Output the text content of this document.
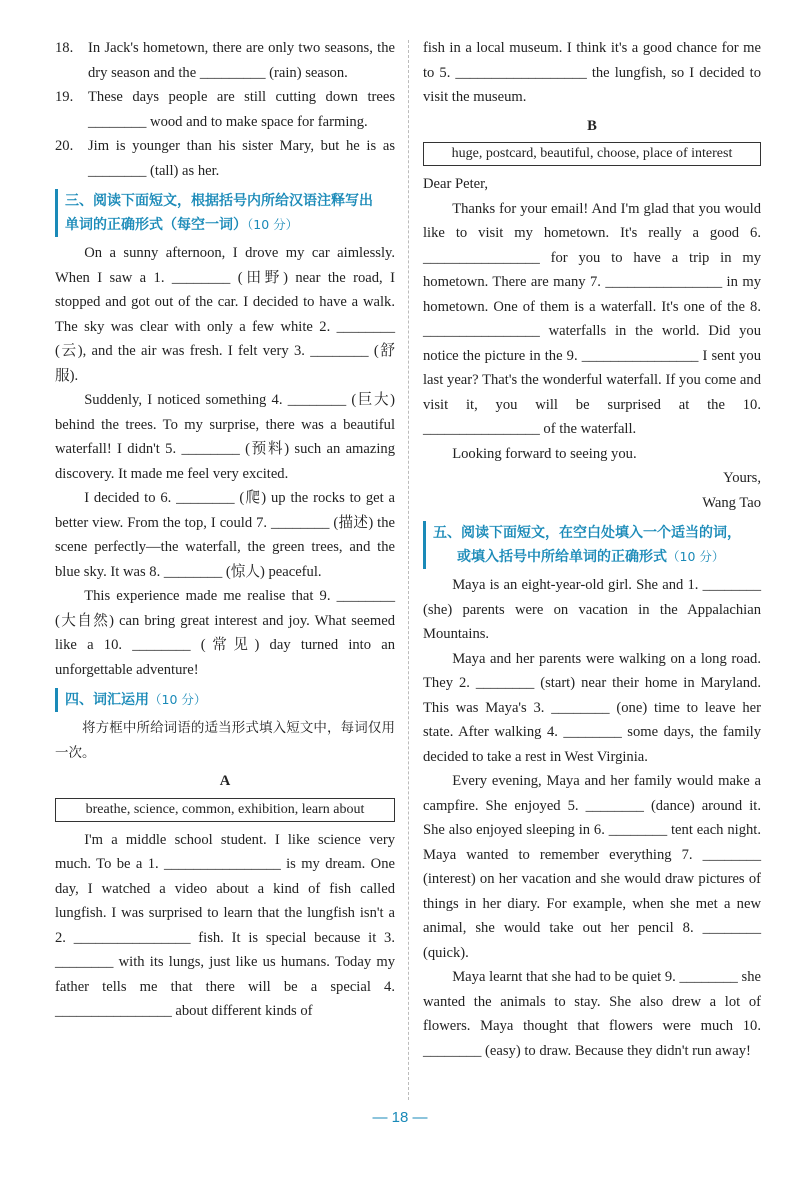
18. In Jack's hometown, there are only two seasons, the dry season and the _________ (rain) season.

19. These days people are still cutting down trees ________ wood and to make space for farming.

20. Jim is younger than his sister Mary, but he is as ________ (tall) as her.

三、阅读下面短文，根据括号内所给汉语注释写出
单词的正确形式（每空一词）（10 分）

On a sunny afternoon, I drove my car aimlessly. When I saw a 1. ________ (田野) near the road, I stopped and got out of the car. I decided to have a walk. The sky was clear with only a few white 2. ________ (云), and the air was fresh. I felt very 3. ________ (舒服).

Suddenly, I noticed something 4. ________ (巨大) behind the trees. To my surprise, there was a beautiful waterfall! I didn't 5. ________ (预料) such an amazing discovery. It made me feel very excited.

I decided to 6. ________ (爬) up the rocks to get a better view. From the top, I could 7. ________ (描述) the scene perfectly—the waterfall, the green trees, and the blue sky. It was 8. ________ (惊人) peaceful.

This experience made me realise that 9. ________ (大自然) can bring great interest and joy. What seemed like a 10. ________ (常见) day turned into an unforgettable adventure!

四、词汇运用（10 分）

将方框中所给词语的适当形式填入短文中，每词仅用一次。

A

breathe, science, common, exhibition, learn about

I'm a middle school student. I like science very much. To be a 1. ________________ is my dream. One day, I watched a video about a kind of fish called lungfish. I was surprised to learn that the lungfish isn't a 2. ________________ fish. It is special because it 3. ________ with its lungs, just like us humans. Today my father tells me that there will be a special 4. ________________ about different kinds of

fish in a local museum. I think it's a good chance for me to 5. __________________ the lungfish, so I decided to visit the museum.

B

huge, postcard, beautiful, choose, place of interest

Dear Peter,

Thanks for your email! And I'm glad that you would like to visit my hometown. It's really a good 6. ________________ for you to have a trip in my hometown. There are many 7. ________________ in my hometown. One of them is a waterfall. It's one of the 8. ________________ waterfalls in the world. Did you notice the picture in the 9. ________________ I sent you last year? That's the wonderful waterfall. If you come and visit it, you will be surprised at the 10. ________________ of the waterfall.

Looking forward to seeing you.

Yours,

Wang Tao

五、阅读下面短文，在空白处填入一个适当的词，
或填入括号中所给单词的正确形式（10 分）

Maya is an eight-year-old girl. She and 1. ________ (she) parents were on vacation in the Appalachian Mountains.

Maya and her parents were walking on a long road. They 2. ________ (start) near their home in Maryland. This was Maya's 3. ________ (one) time to leave her state. After walking 4. ________ some days, the family decided to take a rest in West Virginia.

Every evening, Maya and her family would make a campfire. She enjoyed 5. ________ (dance) around it. She also enjoyed sleeping in 6. ________ tent each night. Maya wanted to remember everything 7. ________ (interest) on her vacation and she would draw pictures of things in her diary. For example, when she met a new animal, she would take out her pencil 8. ________ (quick).

Maya learnt that she had to be quiet 9. ________ she wanted the animals to stay. She also drew a lot of flowers. Maya thought that flowers were much 10. ________ (easy) to draw. Because they didn't run away!

— 18 —
